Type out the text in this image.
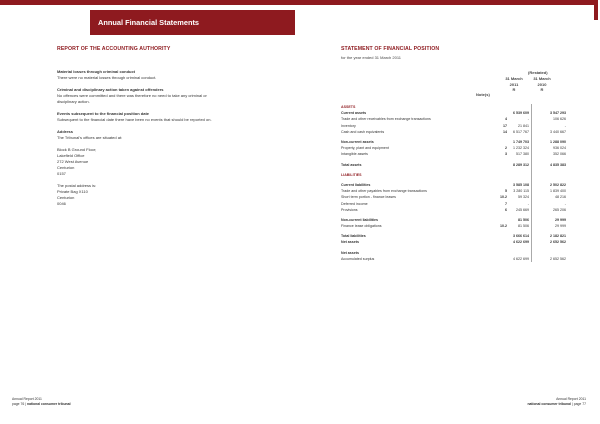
Annual Financial Statements
REPORT OF THE ACCOUNTING AUTHORITY
Material losses through criminal conduct
There were no material losses through criminal conduct.
Criminal and disciplinary action taken against offenders
No offences were committed and there was therefore no need to take any criminal or
disciplinary action.
Events subsequent to the financial position date
Subsequent to the financial date there have been no events that should be reported on.
Address
The Tribunal's offices are situated at:
Block B Ground Floor;
Lakefield Office
272 West Avenue
Centurion
0157
The postal address is:
Private Bag X110
Centurion
0046
STATEMENT OF FINANCIAL POSITION
for the year ended 31 March 2011
(Restated)
31 March
2011
R
31 March
2010
R
Note(s)
ASSETS			
Current assets		6 539 609	3 547 293
Trade and other receivables from exchange transactions	4	-	106 626
Inventory	17	21 841	-
Cash and cash equivalents	14	6 517 767	3 440 667

Non-current assets		1 749 703	1 288 090
Property, plant and equipment	2	1 232 324	936 024
Intangible assets	3	517 380	352 066

Total assets		8 289 312	4 835 383

LIABILITIES			

Current liabilities		3 585 108	2 502 822
Trade and other payables from exchange transactions	5	3 280 115	1 839 400
Short term portion - finance leases	10.2	59 324	48 216
Deferred income	7	-	-
Provisions	6	245 669	265 206

Non-current liabilities		81 506	29 999
Finance lease obligations	10.2	81 506	29 999

Total liabilities		3 666 614	2 182 821
Net assets		4 622 699	2 652 562

Net assets			
Accumulated surplus		4 622 699	2 652 562
Annual Report 2011
page 76 | national consumer tribunal
Annual Report 2011
national consumer tribunal | page 77
